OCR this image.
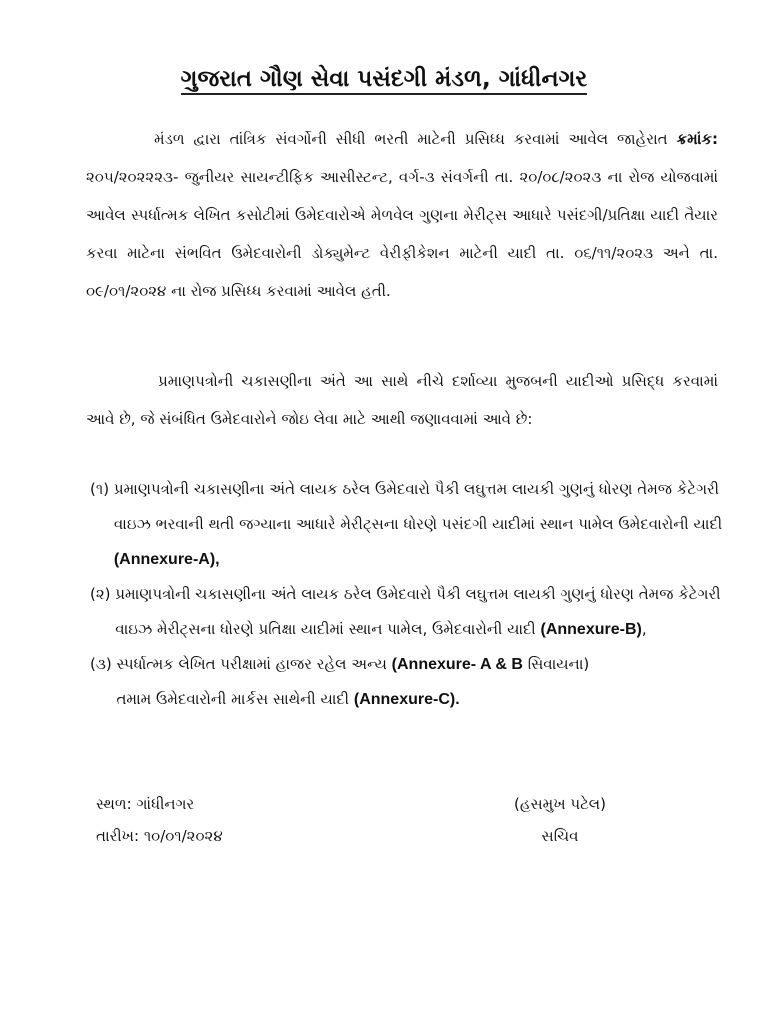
ગુજરાત ગૌણ સેવા પસંદગી મંડળ, ગાંધીનગર

મંડળ દ્વારા તાંત્રિક સંવર્ગોની સીધી ભરતી માટેની પ્રસિધ્ધ કરવામાં આવેલ જાહેરાત ક્રમાંક: ૨૦૫/૨૦૨૨૨૩- જુનીયર સાયન્ટીફિક આસીસ્ટન્ટ, વર્ગ-૩ સંવર્ગની તા. ૨૦/૦૮/૨૦૨૩ ના રોજ યોજવામાં આવેલ સ્પર્ધાત્મક લેખિત કસોટીમાં ઉમેદવારોએ મેળવેલ ગુણના મેરીટ્સ આધારે પસંદગી/પ્રતિક્ષા યાદી તૈયાર કરવા માટેના સંભવિત ઉમેદવારોની ડોક્યુમેન્ટ વેરીફીકેશન માટેની યાદી તા. ૦૬/૧૧/૨૦૨૩ અને તા. ૦૯/૦૧/૨૦૨૪ ના રોજ પ્રસિધ્ધ કરવામાં આવેલ હતી.

પ્રમાણપત્રોની ચકાસણીના અંતે આ સાથે નીચે દર્શાવ્યા મુજબની યાદીઓ પ્રસિદ્ધ કરવામાં આવે છે, જે સંબંધિત ઉમેદવારોને જોઇ લેવા માટે આથી જણાવવામાં આવે છે:

(૧) પ્રમાણપત્રોની ચકાસણીના અંતે લાયક ઠરેલ ઉમેદવારો પૈકી લઘુત્તમ લાયકી ગુણનું ધોરણ તેમજ કેટેગરી વાઇઝ ભરવાની થતી જગ્યાના આધારે મેરીટ્સના ધોરણે પસંદગી યાદીમાં સ્થાન પામેલ ઉમેદવારોની યાદી (Annexure-A),
(૨) પ્રમાણપત્રોની ચકાસણીના અંતે લાયક ઠરેલ ઉમેદવારો પૈકી લઘુત્તમ લાયકી ગુણનું ધોરણ તેમજ કેટેગરી વાઇઝ મેરીટ્સના ધોરણે પ્રતિક્ષા યાદીમાં સ્થાન પામેલ, ઉમેદવારોની યાદી (Annexure-B),
(૩) સ્પર્ધાત્મક લેખિત પરીક્ષામાં હાજર રહેલ અન્ય (Annexure- A & B સિવાયના)
તમામ ઉમેદવારોની માર્કસ સાથેની યાદી (Annexure-C).
સ્થળ: ગાંધીનગર
તારીખ: ૧૦/૦૧/૨૦૨૪
(હસમુખ પટેલ)
સચિવ
